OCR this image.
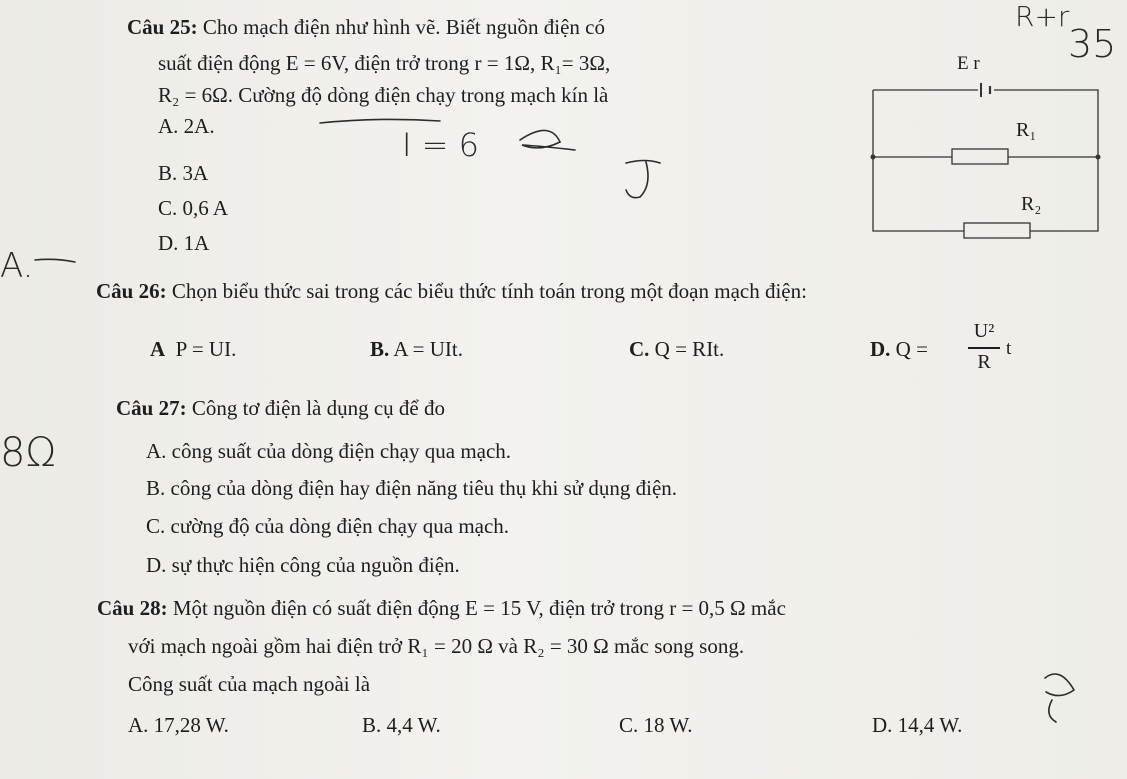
Câu 25: Cho mạch điện như hình vẽ. Biết nguồn điện có
suất điện động E = 6V, điện trở trong r = 1Ω, R₁= 3Ω,
R₂ = 6Ω. Cường độ dòng điện chạy trong mạch kín là
A. 2A.
B. 3A
C. 0,6 A
D. 1A
E r
R₁
R₂
Câu 26: Chọn biểu thức sai trong các biểu thức tính toán trong một đoạn mạch điện:
A P = UI.	B. A = UIt.	C. Q = RIt.	D. Q =
U²
R
t
Câu 27: Công tơ điện là dụng cụ để đo
A. công suất của dòng điện chạy qua mạch.
B. công của dòng điện hay điện năng tiêu thụ khi sử dụng điện.
C. cường độ của dòng điện chạy qua mạch.
D. sự thực hiện công của nguồn điện.
Câu 28: Một nguồn điện có suất điện động E = 15 V, điện trở trong r = 0,5 Ω mắc
với mạch ngoài gồm hai điện trở R₁ = 20 Ω và R₂ = 30 Ω mắc song song.
Công suất của mạch ngoài là
A. 17,28 W.	B. 4,4 W.	C. 18 W.	D. 14,4 W.
R+r
35
I = 6
A.
8Ω
